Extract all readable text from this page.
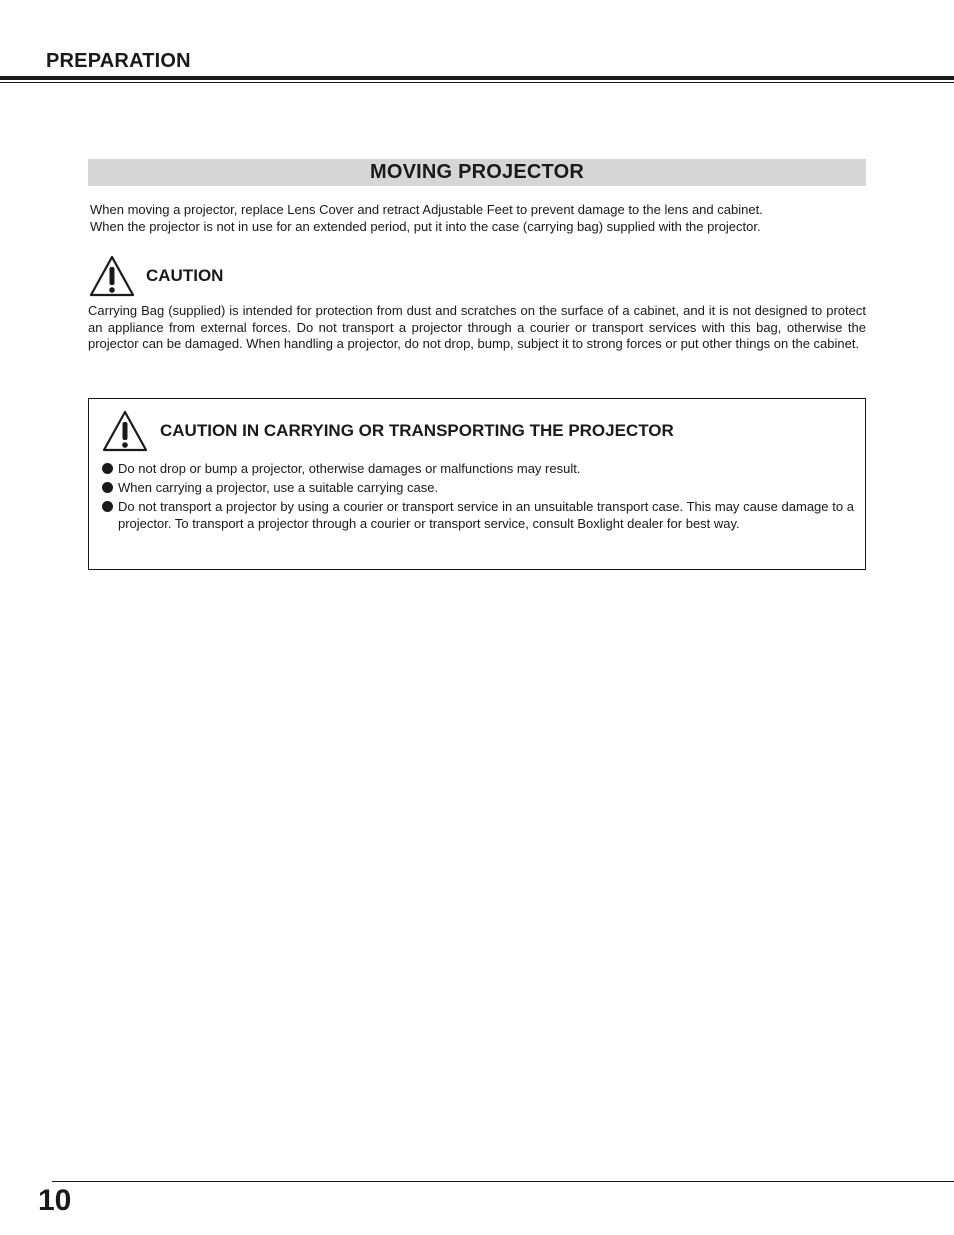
PREPARATION
MOVING PROJECTOR

When moving a projector, replace Lens Cover and retract Adjustable Feet to prevent damage to the lens and cabinet.

When the projector is not in use for an extended period, put it into the case (carrying bag) supplied with the projector.

CAUTION

Carrying Bag (supplied) is intended for protection from dust and scratches on the surface of a cabinet, and it is not designed to protect an appliance from external forces. Do not transport a projector through a courier or transport services with this bag, otherwise the projector can be damaged. When handling a projector, do not drop, bump, subject it to strong forces or put other things on the cabinet.

CAUTION IN CARRYING OR TRANSPORTING THE PROJECTOR
Do not drop or bump a projector, otherwise damages or malfunctions may result.
When carrying a projector, use a suitable carrying case.
Do not transport a projector by using a courier or transport service in an unsuitable transport case. This may cause damage to a projector. To transport a projector through a courier or transport service, consult Boxlight dealer for best way.

10
